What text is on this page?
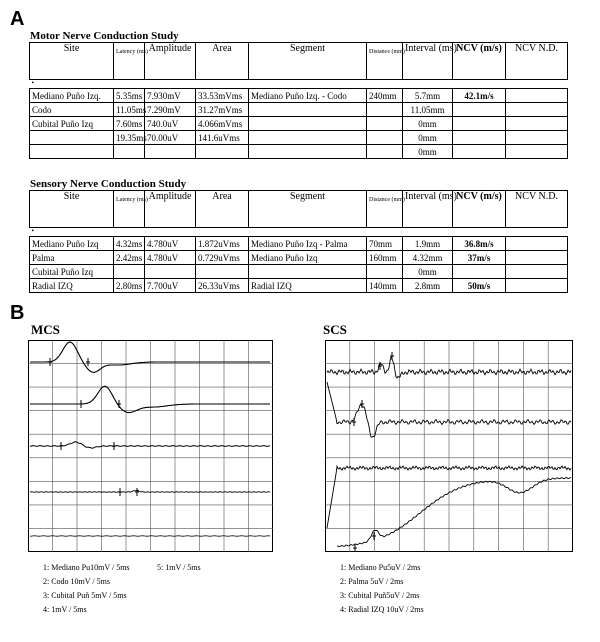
A
Motor Nerve Conduction Study
Site	Latency (ms)	Amplitude	Area	Segment	Distance (mm)	Interval (ms)	NCV (m/s)	NCV N.D.
•								
Mediano Puño Izq.	5.35ms	7.930mV	33.53mVms	Mediano Puño Izq. - Codo	240mm	5.7mm	42.1m/s	
Codo	11.05ms	7.290mV	31.27mVms			11.05mm		
Cubital Puño Izq	7.60ms	740.0uV	4.066mVms			0mm		
	19.35ms	70.00uV	141.6uVms			0mm		
						0mm		
Sensory Nerve Conduction Study
Site	Latency (ms)	Amplitude	Area	Segment	Distance (mm)	Interval (ms)	NCV (m/s)	NCV N.D.
•								
Mediano Puño Izq	4.32ms	4.780uV	1.872uVms	Mediano Puño Izq - Palma	70mm	1.9mm	36.8m/s	
Palma	2.42ms	4.780uV	0.729uVms	Mediano Puño Izq	160mm	4.32mm	37m/s	
Cubital Puño Izq						0mm		
Radial IZQ	2.80ms	7.700uV	26.33uVms	Radial IZQ	140mm	2.8mm	50m/s	
B
MCS	SCS
1: Mediano Pu10mV / 5ms
2: Codo 10mV / 5ms
3: Cubital Puñ 5mV / 5ms
4: 1mV / 5ms
5: 1mV / 5ms	1: Mediano Pu5uV / 2ms
2: Palma 5uV / 2ms
3: Cubital Puñ5uV / 2ms
4: Radial IZQ 10uV / 2ms
